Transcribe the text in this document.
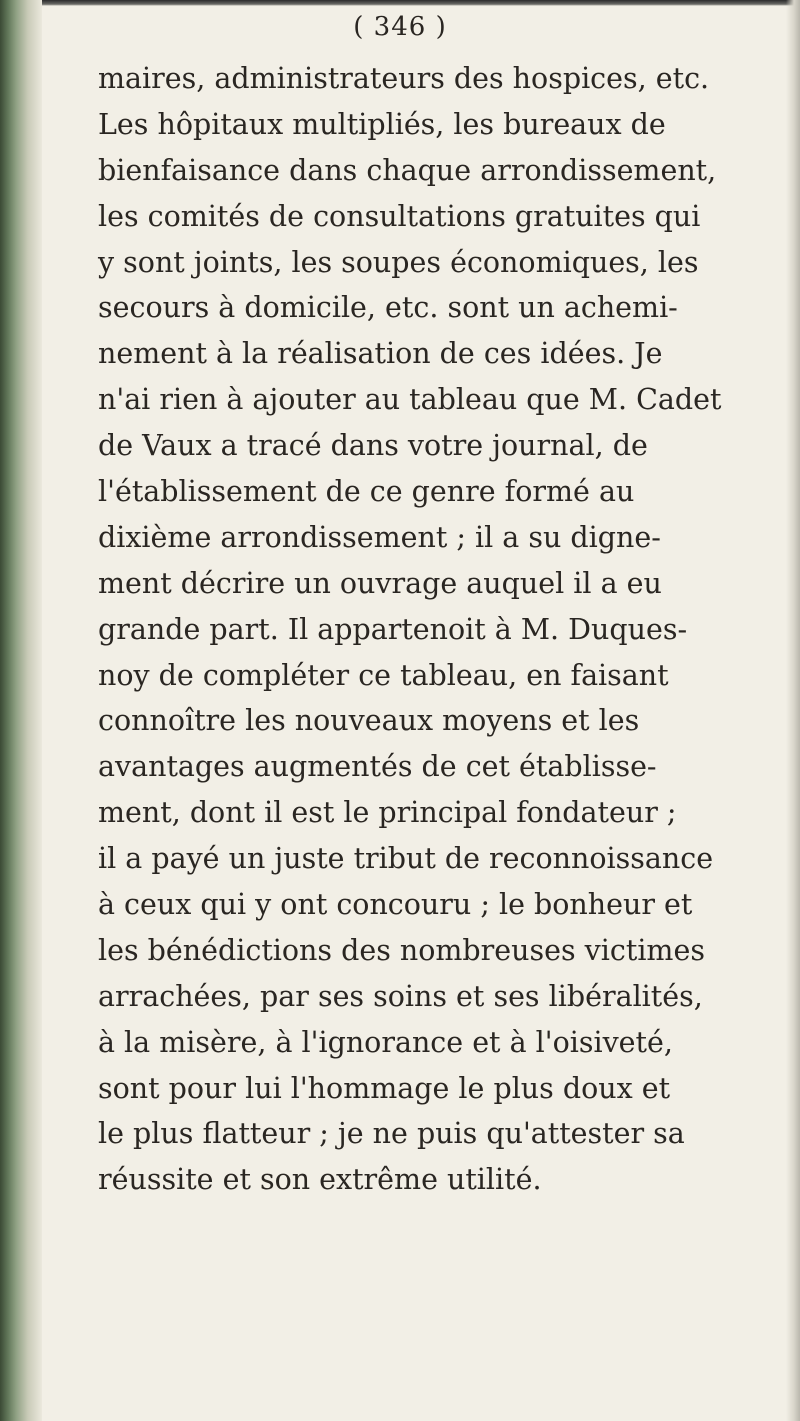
( 346 )
maires, administrateurs des hospices, etc.
Les hôpitaux multipliés, les bureaux de
bienfaisance dans chaque arrondissement,
les comités de consultations gratuites qui
y sont joints, les soupes économiques, les
secours à domicile, etc. sont un achemi-
nement à la réalisation de ces idées. Je
n'ai rien à ajouter au tableau que M. Cadet
de Vaux a tracé dans votre journal, de
l'établissement de ce genre formé au
dixième arrondissement ; il a su digne-
ment décrire un ouvrage auquel il a eu
grande part. Il appartenoit à M. Duques-
noy de compléter ce tableau, en faisant
connoître les nouveaux moyens et les
avantages augmentés de cet établisse-
ment, dont il est le principal fondateur ;
il a payé un juste tribut de reconnoissance
à ceux qui y ont concouru ; le bonheur et
les bénédictions des nombreuses victimes
arrachées, par ses soins et ses libéralités,
à la misère, à l'ignorance et à l'oisiveté,
sont pour lui l'hommage le plus doux et
le plus flatteur ; je ne puis qu'attester sa
réussite et son extrême utilité.
